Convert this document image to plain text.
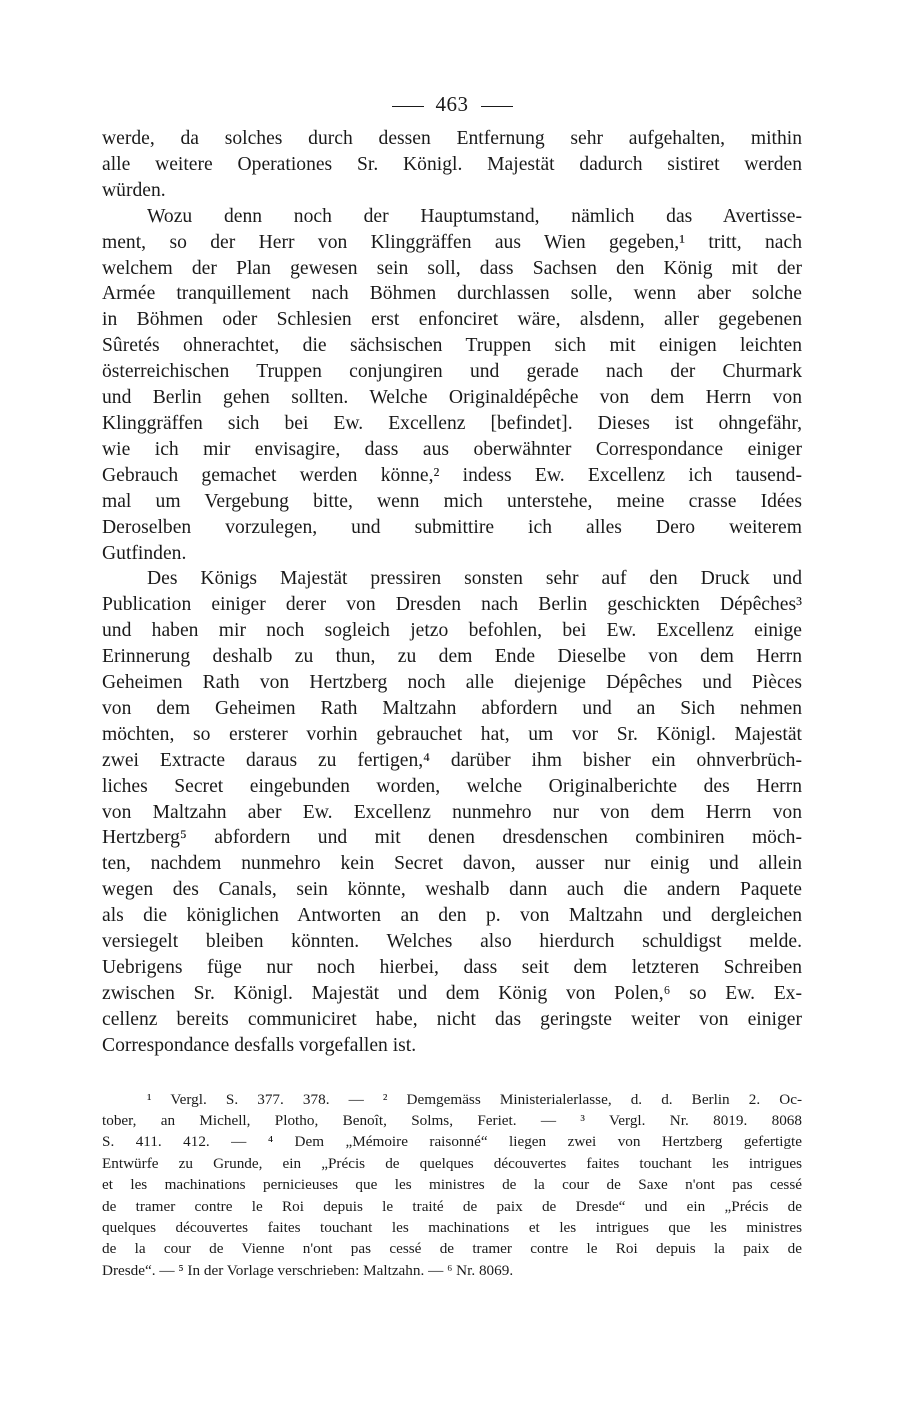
463

werde, da solches durch dessen Entfernung sehr aufgehalten, mithin
alle weitere Operationes Sr. Königl. Majestät dadurch sistiret werden
würden.

Wozu denn noch der Hauptumstand, nämlich das Avertisse-
ment, so der Herr von Klinggräffen aus Wien gegeben,¹ tritt, nach
welchem der Plan gewesen sein soll, dass Sachsen den König mit der
Armée tranquillement nach Böhmen durchlassen solle, wenn aber solche
in Böhmen oder Schlesien erst enfonciret wäre, alsdenn, aller gegebenen
Sûretés ohnerachtet, die sächsischen Truppen sich mit einigen leichten
österreichischen Truppen conjungiren und gerade nach der Churmark
und Berlin gehen sollten. Welche Originaldépêche von dem Herrn von
Klinggräffen sich bei Ew. Excellenz [befindet]. Dieses ist ohngefähr,
wie ich mir envisagire, dass aus oberwähnter Correspondance einiger
Gebrauch gemachet werden könne,² indess Ew. Excellenz ich tausend-
mal um Vergebung bitte, wenn mich unterstehe, meine crasse Idées
Deroselben vorzulegen, und submittire ich alles Dero weiterem
Gutfinden.

Des Königs Majestät pressiren sonsten sehr auf den Druck und
Publication einiger derer von Dresden nach Berlin geschickten Dépêches³
und haben mir noch sogleich jetzo befohlen, bei Ew. Excellenz einige
Erinnerung deshalb zu thun, zu dem Ende Dieselbe von dem Herrn
Geheimen Rath von Hertzberg noch alle diejenige Dépêches und Pièces
von dem Geheimen Rath Maltzahn abfordern und an Sich nehmen
möchten, so ersterer vorhin gebrauchet hat, um vor Sr. Königl. Majestät
zwei Extracte daraus zu fertigen,⁴ darüber ihm bisher ein ohnverbrüch-
liches Secret eingebunden worden, welche Originalberichte des Herrn
von Maltzahn aber Ew. Excellenz nunmehro nur von dem Herrn von
Hertzberg⁵ abfordern und mit denen dresdenschen combiniren möch-
ten, nachdem nunmehro kein Secret davon, ausser nur einig und allein
wegen des Canals, sein könnte, weshalb dann auch die andern Paquete
als die königlichen Antworten an den p. von Maltzahn und dergleichen
versiegelt bleiben könnten. Welches also hierdurch schuldigst melde.
Uebrigens füge nur noch hierbei, dass seit dem letzteren Schreiben
zwischen Sr. Königl. Majestät und dem König von Polen,⁶ so Ew. Ex-
cellenz bereits communiciret habe, nicht das geringste weiter von einiger
Correspondance desfalls vorgefallen ist.

¹ Vergl. S. 377. 378. — ² Demgemäss Ministerialerlasse, d. d. Berlin 2. Oc-
tober, an Michell, Plotho, Benoît, Solms, Feriet. — ³ Vergl. Nr. 8019. 8068
S. 411. 412. — ⁴ Dem „Mémoire raisonné“ liegen zwei von Hertzberg gefertigte
Entwürfe zu Grunde, ein „Précis de quelques découvertes faites touchant les intrigues
et les machinations pernicieuses que les ministres de la cour de Saxe n'ont pas cessé
de tramer contre le Roi depuis le traité de paix de Dresde“ und ein „Précis de
quelques découvertes faites touchant les machinations et les intrigues que les ministres
de la cour de Vienne n'ont pas cessé de tramer contre le Roi depuis la paix de
Dresde“. — ⁵ In der Vorlage verschrieben: Maltzahn. — ⁶ Nr. 8069.
